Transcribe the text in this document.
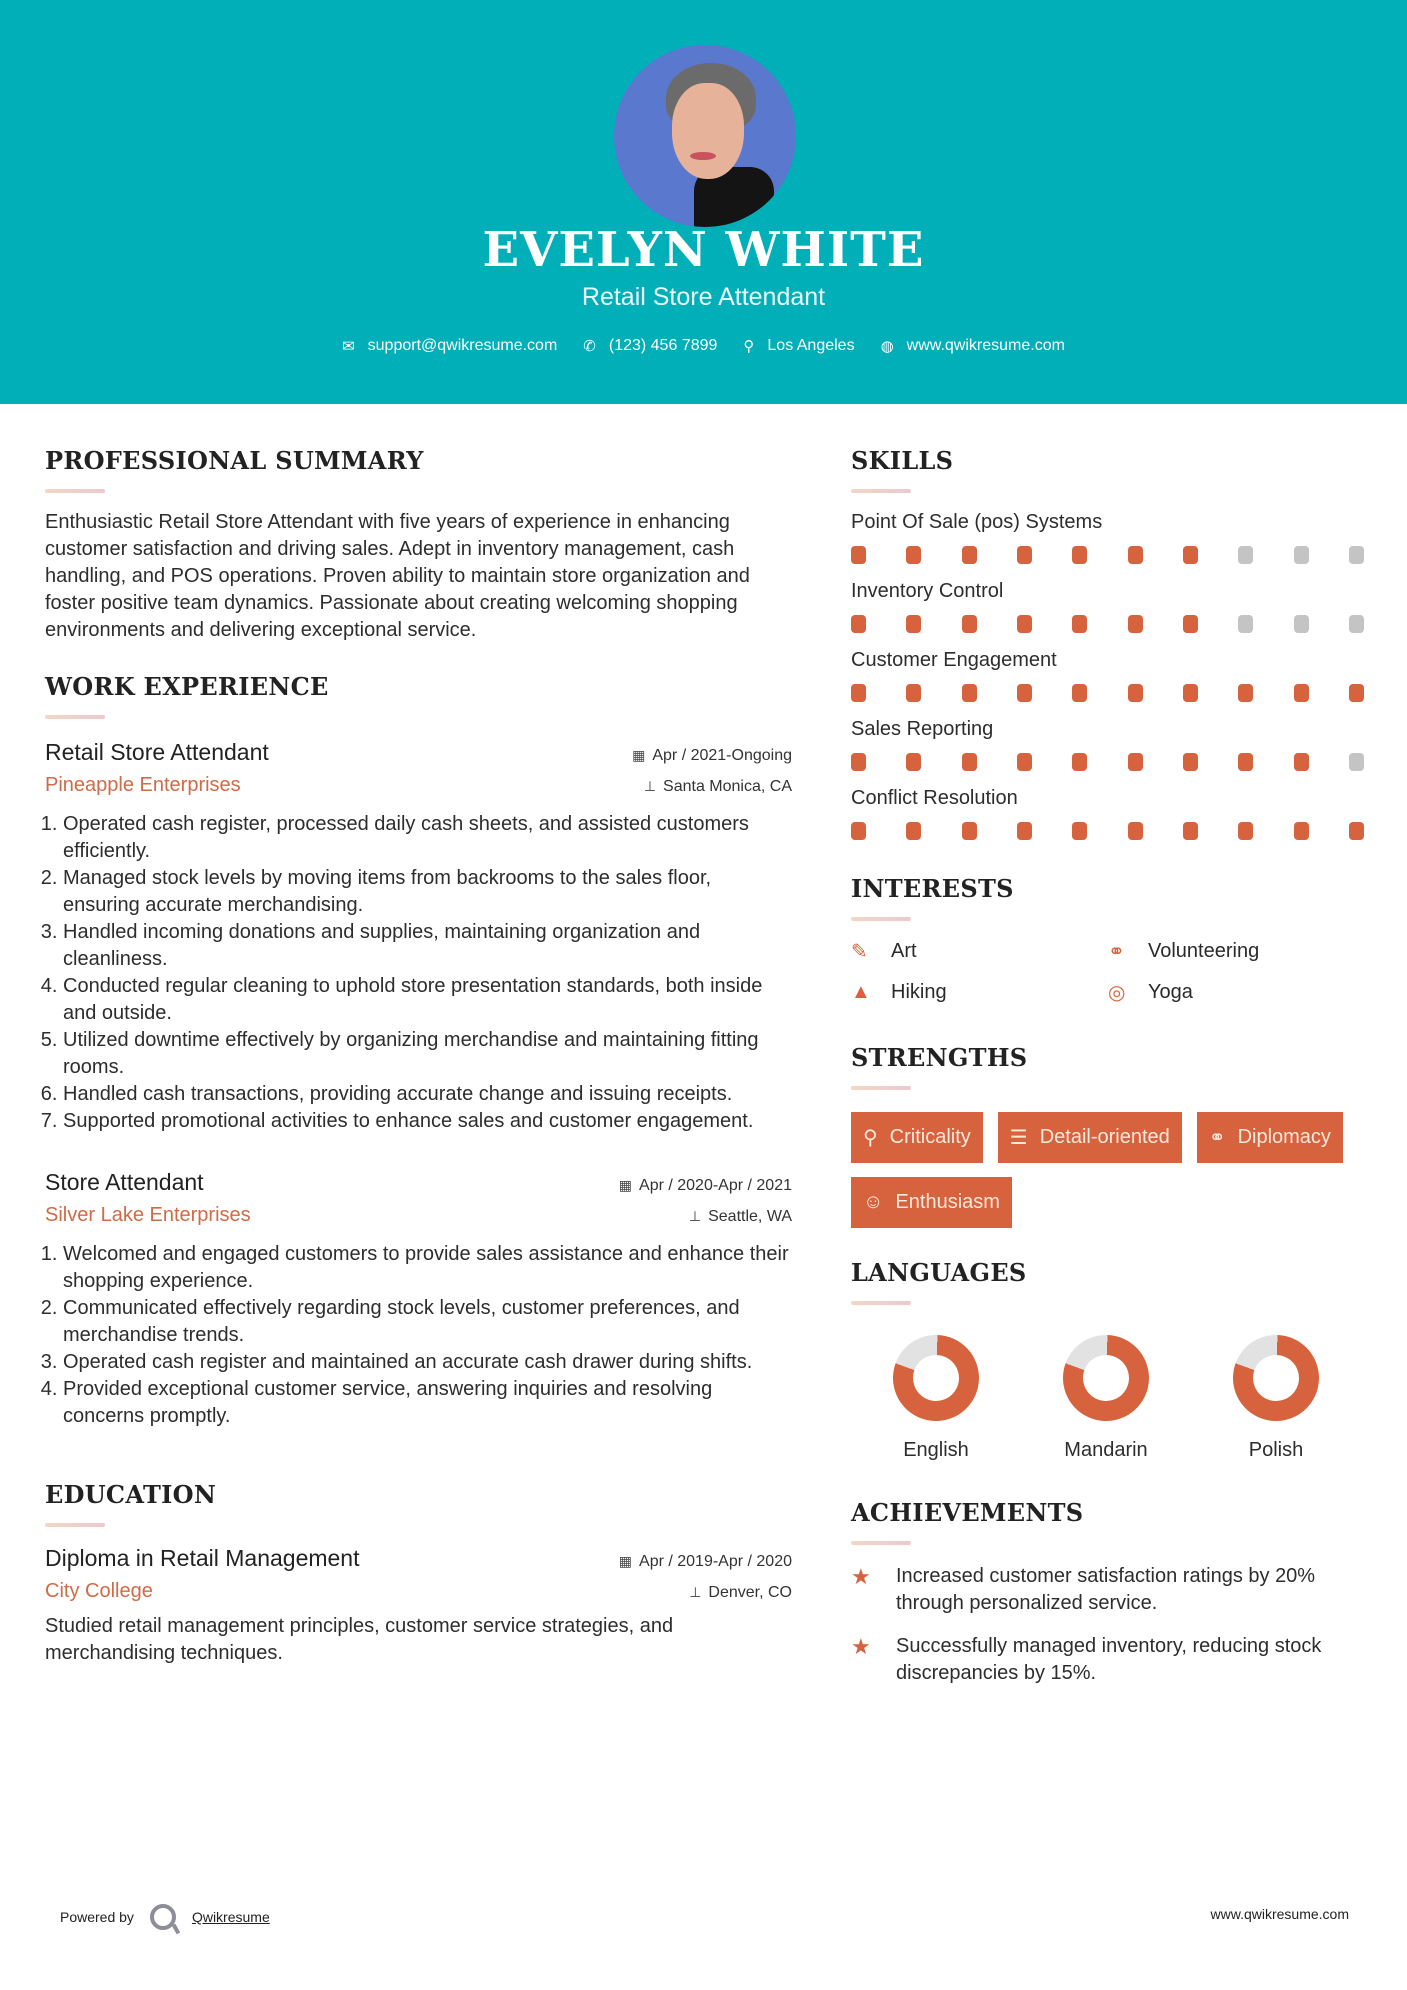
EVELYN WHITE
Retail Store Attendant
✉ support@qwikresume.com ✆ (123) 456 7899 ⚲ Los Angeles ◍ www.qwikresume.com
PROFESSIONAL SUMMARY

Enthusiastic Retail Store Attendant with five years of experience in enhancing customer satisfaction and driving sales. Adept in inventory management, cash handling, and POS operations. Proven ability to maintain store organization and foster positive team dynamics. Passionate about creating welcoming shopping environments and delivering exceptional service.

WORK EXPERIENCE
Retail Store Attendant	▦ Apr / 2021-Ongoing
Pineapple Enterprises	⊥ Santa Monica, CA
1. Operated cash register, processed daily cash sheets, and assisted customers efficiently.
2. Managed stock levels by moving items from backrooms to the sales floor, ensuring accurate merchandising.
3. Handled incoming donations and supplies, maintaining organization and cleanliness.
4. Conducted regular cleaning to uphold store presentation standards, both inside and outside.
5. Utilized downtime effectively by organizing merchandise and maintaining fitting rooms.
6. Handled cash transactions, providing accurate change and issuing receipts.
7. Supported promotional activities to enhance sales and customer engagement.
Store Attendant	▦ Apr / 2020-Apr / 2021
Silver Lake Enterprises	⊥ Seattle, WA
1. Welcomed and engaged customers to provide sales assistance and enhance their shopping experience.
2. Communicated effectively regarding stock levels, customer preferences, and merchandise trends.
3. Operated cash register and maintained an accurate cash drawer during shifts.
4. Provided exceptional customer service, answering inquiries and resolving concerns promptly.
EDUCATION
Diploma in Retail Management	▦ Apr / 2019-Apr / 2020
City College	⊥ Denver, CO

Studied retail management principles, customer service strategies, and merchandising techniques.

SKILLS
Point Of Sale (pos) Systems
Inventory Control
Customer Engagement
Sales Reporting
Conflict Resolution
INTERESTS
✎	Art	⚭	Volunteering
▲	Hiking	◎	Yoga
STRENGTHS
⚲ Criticality ☰ Detail-oriented ⚭ Diplomacy
☺ Enthusiasm
LANGUAGES
English	Mandarin	Polish
ACHIEVEMENTS
★	Increased customer satisfaction ratings by 20% through personalized service.
★	Successfully managed inventory, reducing stock discrepancies by 15%.
Powered by	Qwikresume	www.qwikresume.com
